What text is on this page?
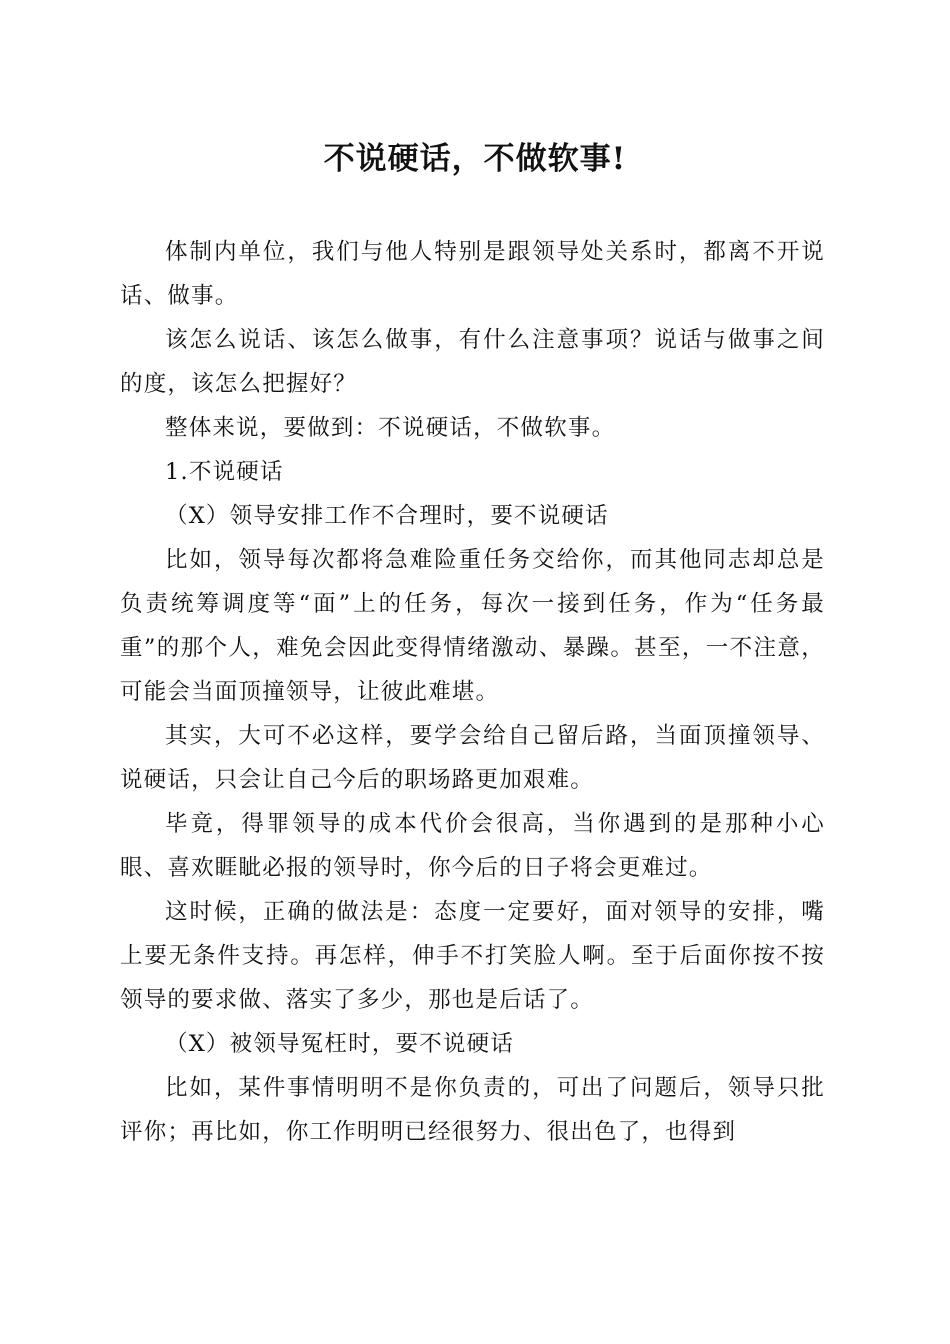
不说硬话，不做软事!

体制内单位，我们与他人特别是跟领导处关系时，都离不开说话、做事。

该怎么说话、该怎么做事，有什么注意事项？说话与做事之间的度，该怎么把握好？

整体来说，要做到：不说硬话，不做软事。

1.不说硬话

（X）领导安排工作不合理时，要不说硬话

比如，领导每次都将急难险重任务交给你，而其他同志却总是负责统筹调度等“面”上的任务，每次一接到任务，作为“任务最重”的那个人，难免会因此变得情绪激动、暴躁。甚至，一不注意，可能会当面顶撞领导，让彼此难堪。

其实，大可不必这样，要学会给自己留后路，当面顶撞领导、说硬话，只会让自己今后的职场路更加艰难。

毕竟，得罪领导的成本代价会很高，当你遇到的是那种小心眼、喜欢睚眦必报的领导时，你今后的日子将会更难过。

这时候，正确的做法是：态度一定要好，面对领导的安排，嘴上要无条件支持。再怎样，伸手不打笑脸人啊。至于后面你按不按领导的要求做、落实了多少，那也是后话了。

（X）被领导冤枉时，要不说硬话

比如，某件事情明明不是你负责的，可出了问题后，领导只批评你；再比如，你工作明明已经很努力、很出色了，也得到
